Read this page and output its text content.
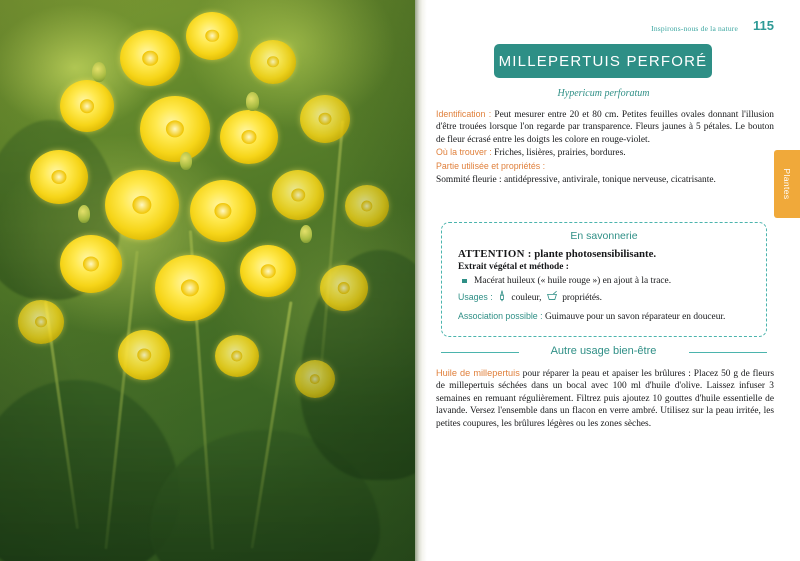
Inspirons-nous de la nature 115
Plantes
MILLEPERTUIS PERFORÉ
Hypericum perforatum

Identification : Peut mesurer entre 20 et 80 cm. Petites feuilles ovales donnant l'illusion d'être trouées lorsque l'on regarde par transparence. Fleurs jaunes à 5 pétales. Le bouton de fleur écrasé entre les doigts les colore en rouge-violet.

Où la trouver : Friches, lisières, prairies, bordures.

Partie utilisée et propriétés :

Sommité fleurie : antidépressive, antivirale, tonique nerveuse, cicatrisante.

En savonnerie
ATTENTION : plante photosensibilisante.
Extrait végétal et méthode :
Macérat huileux (« huile rouge ») en ajout à la trace.
Usages : couleur, propriétés.
Association possible : Guimauve pour un savon réparateur en douceur.
Autre usage bien-être
Huile de millepertuis pour réparer la peau et apaiser les brûlures : Placez 50 g de fleurs de millepertuis séchées dans un bocal avec 100 ml d'huile d'olive. Laissez infuser 3 semaines en remuant régulièrement. Filtrez puis ajoutez 10 gouttes d'huile essentielle de lavande. Versez l'ensemble dans un flacon en verre ambré. Utilisez sur la peau irritée, les petites coupures, les brûlures légères ou les zones sèches.
